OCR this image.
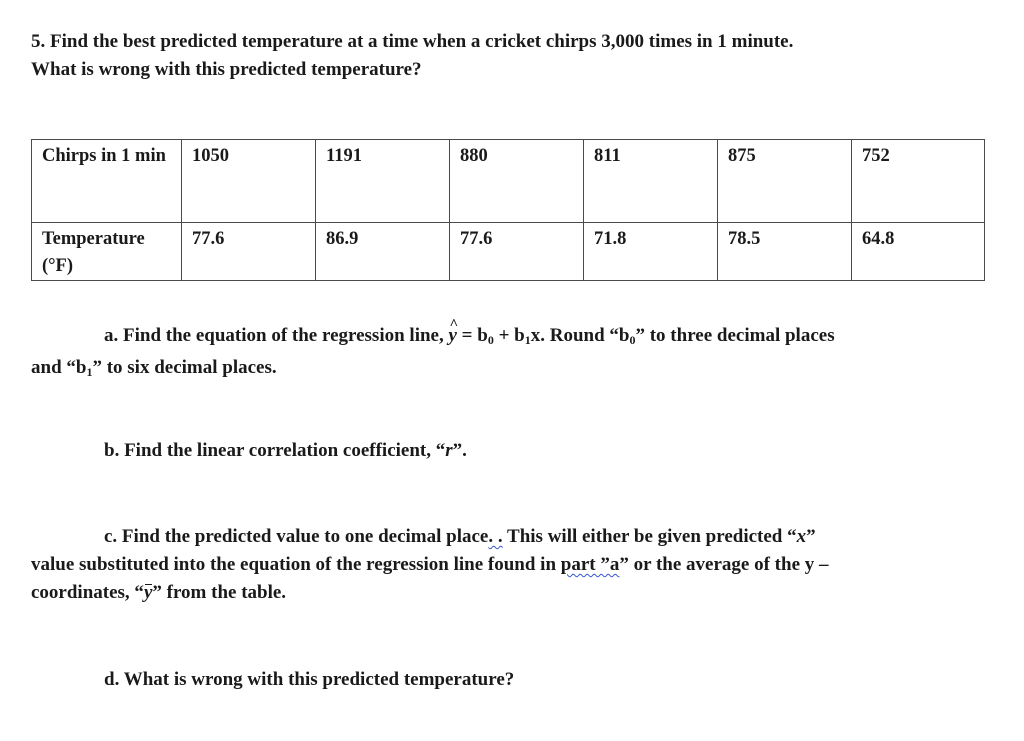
5. Find the best predicted temperature at a time when a cricket chirps 3,000 times in 1 minute.
What is wrong with this predicted temperature?
Chirps in 1 min	1050	1191	880	811	875	752
Temperature (°F)	77.6	86.9	77.6	71.8	78.5	64.8
a. Find the equation of the regression line, ^ $y = b_0 + b_1x$. Round “$b_0$” to three decimal places
and “$b_1$” to six decimal places.
b. Find the linear correlation coefficient, “r”.
c. Find the predicted value to one decimal place. . This will either be given predicted “x”
value substituted into the equation of the regression line found in part ”a” or the average of the y –
coordinates, “y” from the table.
d. What is wrong with this predicted temperature?
